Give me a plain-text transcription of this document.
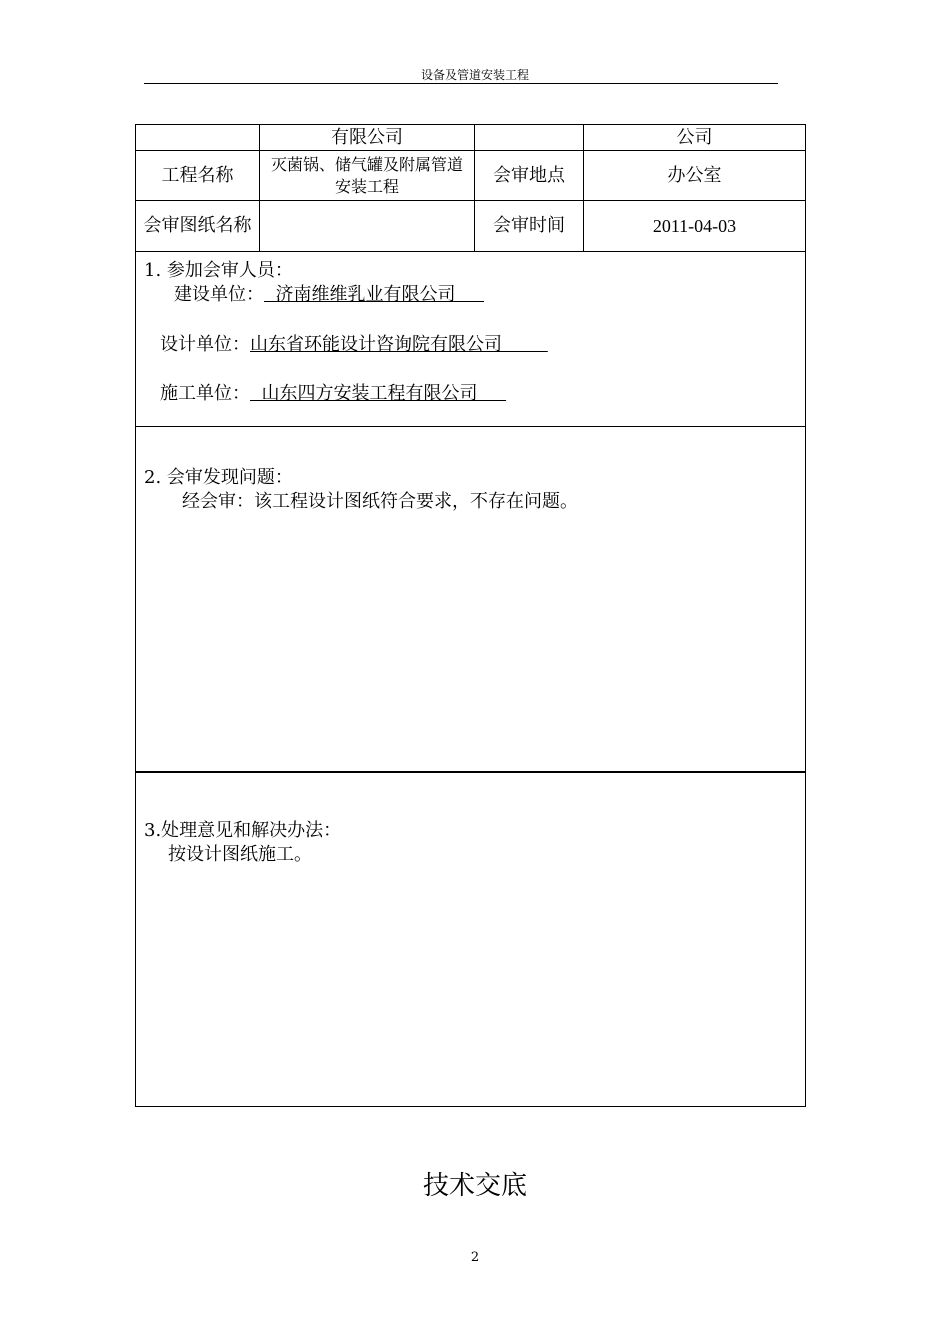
设备及管道安装工程
	有限公司		公司
工程名称	灭菌锅、储气罐及附属管道安装工程	会审地点	办公室
会审图纸名称		会审时间	2011-04-03
1. 参加会审人员：
建设单位：  济南维维乳业有限公司
设计单位：山东省环能设计咨询院有限公司
施工单位：  山东四方安装工程有限公司
2. 会审发现问题：
经会审：该工程设计图纸符合要求，不存在问题。
3.处理意见和解决办法：
按设计图纸施工。
技术交底
2
